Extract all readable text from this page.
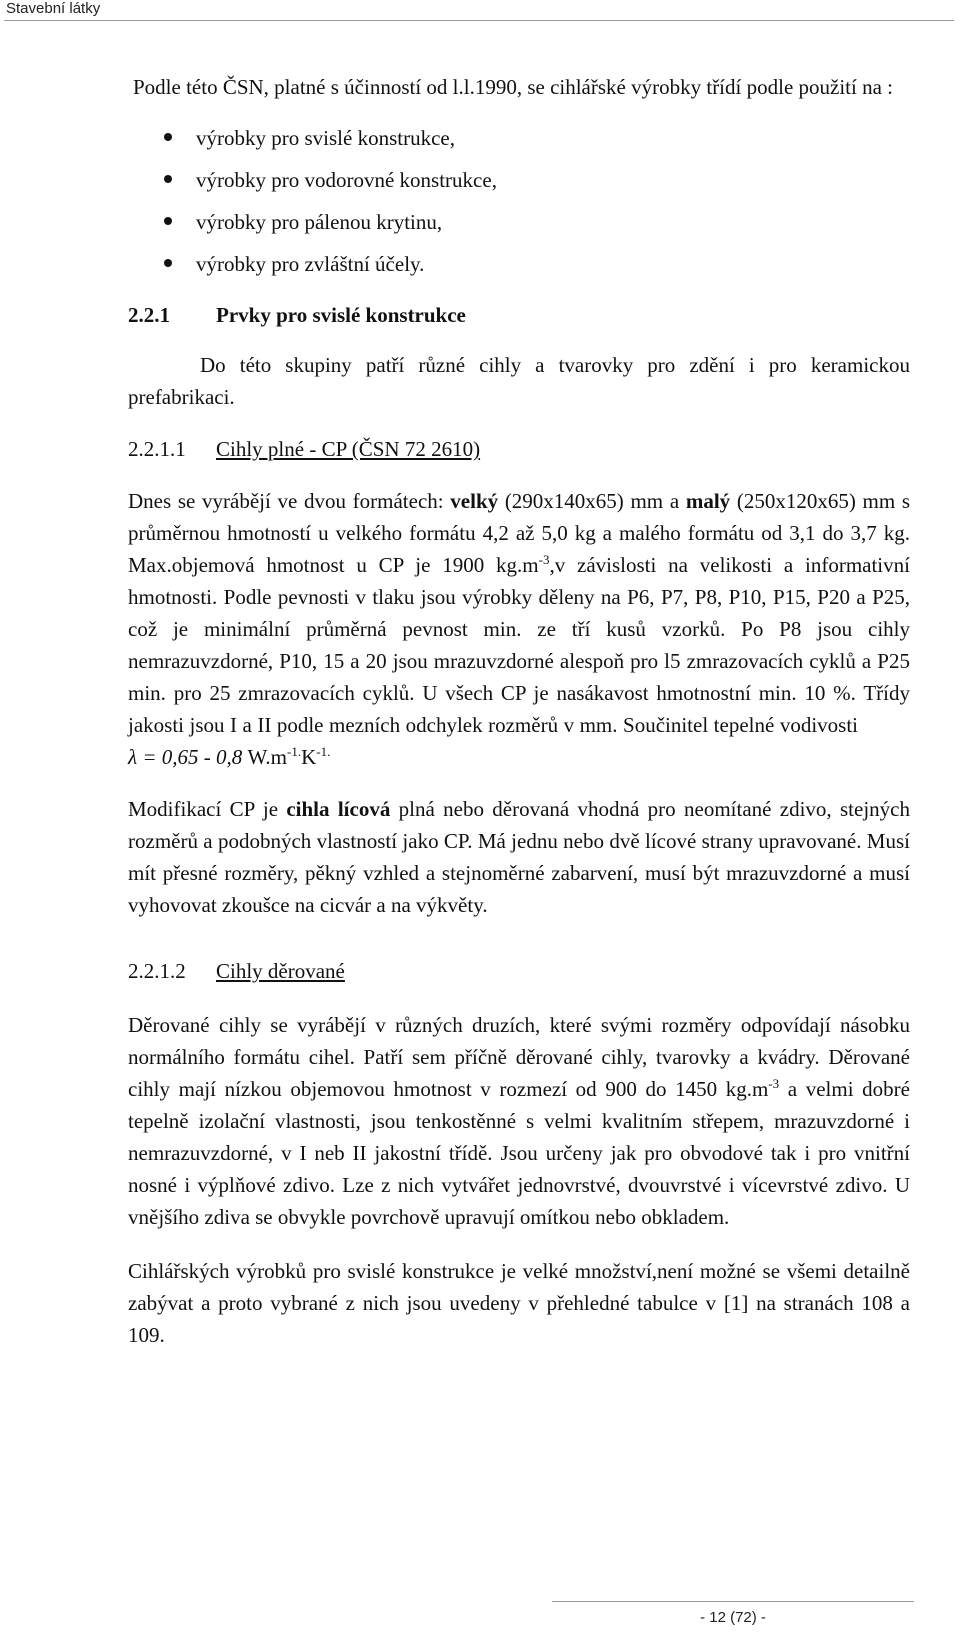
Stavební látky

Podle této ČSN, platné s účinností od l.l.1990, se cihlářské výrobky třídí podle použití na :

výrobky pro svislé konstrukce,
výrobky pro vodorovné konstrukce,
výrobky pro pálenou krytinu,
výrobky pro zvláštní účely.

2.2.1 Prvky pro svislé konstrukce

Do této skupiny patří různé cihly a tvarovky pro zdění i pro keramickou prefabrikaci.

2.2.1.1 Cihly plné - CP (ČSN 72 2610)

Dnes se vyrábějí ve dvou formátech: velký (290x140x65) mm a malý (250x120x65) mm s průměrnou hmotností u velkého formátu 4,2 až 5,0 kg a malého formátu od 3,1 do 3,7 kg. Max.objemová hmotnost u CP je 1900 $kg.m^{-3},v$ závislosti na velikosti a informativní hmotnosti. Podle pevnosti v tlaku jsou výrobky děleny na P6, P7, P8, P10, P15, P20 a P25, což je minimální průměrná pevnost min. ze tří kusů vzorků. Po P8 jsou cihly nemrazuvzdorné, P10, 15 a 20 jsou mrazuvzdorné alespoň pro l5 zmrazovacích cyklů a P25 min. pro 25 zmrazovacích cyklů. U všech CP je nasákavost hmotnostní min. 10 %. Třídy jakosti jsou I a II podle mezních odchylek rozměrů v mm. Součinitel tepelné vodivostiλ = 0,65 - 0,8 $W.m^{-1.}K^{-1.}$

Modifikací CP je cihla lícová plná nebo děrovaná vhodná pro neomítané zdivo, stejných rozměrů a podobných vlastností jako CP. Má jednu nebo dvě lícové strany upravované. Musí mít přesné rozměry, pěkný vzhled a stejnoměrné zabarvení, musí být mrazuvzdorné a musí vyhovovat zkoušce na cicvár a na výkvěty.

2.2.1.2 Cihly děrované

Děrované cihly se vyrábějí v různých druzích, které svými rozměry odpovídají násobku normálního formátu cihel. Patří sem příčně děrované cihly, tvarovky a kvádry. Děrované cihly mají nízkou objemovou hmotnost v rozmezí od 900 do 1450 $kg.m^{-3}$ a velmi dobré tepelně izolační vlastnosti, jsou tenkostěnné s velmi kvalitním střepem, mrazuvzdorné i nemrazuvzdorné, v I neb II jakostní třídě. Jsou určeny jak pro obvodové tak i pro vnitřní nosné i výplňové zdivo. Lze z nich vytvářet jednovrstvé, dvouvrstvé i vícevrstvé zdivo. U vnějšího zdiva se obvykle povrchově upravují omítkou nebo obkladem.

Cihlářských výrobků pro svislé konstrukce je velké množství,není možné se všemi detailně zabývat a proto vybrané z nich jsou uvedeny v přehledné tabulce v [1] na stranách 108 a 109.

- 12 (72) -
